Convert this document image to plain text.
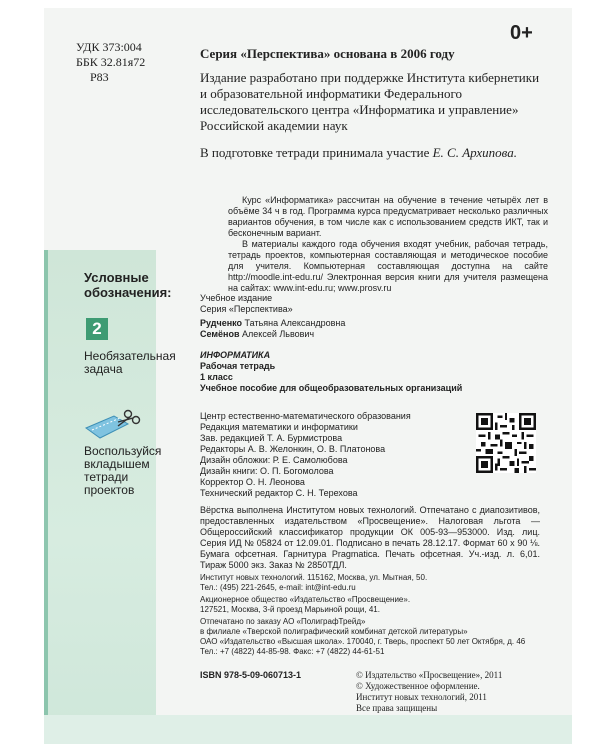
УДК 373:004
ББК 32.81я72
Р83
0+
Серия «Перспектива» основана в 2006 году
Издание разработано при поддержке Института кибернетики и образовательной информатики Федерального исследовательского центра «Информатика и управление» Российской академии наук
В подготовке тетради принимала участие Е. С. Архипова.

Курс «Информатика» рассчитан на обучение в течение четырёх лет в объёме 34 ч в год. Программа курса предусматривает несколько различных вариантов обучения, в том числе как с использованием средств ИКТ, так и бесконечным вариант.

В материалы каждого года обучения входят учебник, рабочая тетрадь, тетрадь проектов, компьютерная составляющая и методическое пособие для учителя. Компьютерная составляющая доступна на сайте http://moodle.int-edu.ru/ Электронная версия книги для учителя размещена на сайтах: www.int-edu.ru; www.prosv.ru

Условные обозначения:
2
Необязательная задача
Воспользуйся вкладышем тетради проектов
Учебное издание
Серия «Перспектива»
Рудченко Татьяна Александровна
Семёнов Алексей Львович
ИНФОРМАТИКА
Рабочая тетрадь
1 класс
Учебное пособие для общеобразовательных организаций
Центр естественно-математического образования
Редакция математики и информатики
Зав. редакцией Т. А. Бурмистрова
Редакторы А. В. Желонкин, О. В. Платонова
Дизайн обложки: Р. Е. Самолюбова
Дизайн книги: О. П. Богомолова
Корректор О. Н. Леонова
Технический редактор С. Н. Терехова
Вёрстка выполнена Институтом новых технологий. Отпечатано с диапозитивов, предоставленных издательством «Просвещение». Налоговая льгота — Общероссийский классификатор продукции ОК 005-93—953000. Изд. лиц. Серия ИД № 05824 от 12.09.01. Подписано в печать 28.12.17. Формат 60 x 90 ⅛. Бумага офсетная. Гарнитура Pragmatica. Печать офсетная. Уч.-изд. л. 6,01. Тираж 5000 экз. Заказ № 2850ТДЛ.
Институт новых технологий. 115162, Москва, ул. Мытная, 50.
Тел.: (495) 221-2645, e-mail: int@int-edu.ru
Акционерное общество «Издательство «Просвещение».
127521, Москва, 3-й проезд Марьиной рощи, 41.
Отпечатано по заказу АО «ПолиграфТрейд»
в филиале «Тверской полиграфический комбинат детской литературы»
ОАО «Издательство «Высшая школа». 170040, г. Тверь, проспект 50 лет Октября, д. 46
Тел.: +7 (4822) 44-85-98. Факс: +7 (4822) 44-61-51
ISBN 978-5-09-060713-1	© Издательство «Просвещение», 2011
© Художественное оформление.
Институт новых технологий, 2011
Все права защищены
